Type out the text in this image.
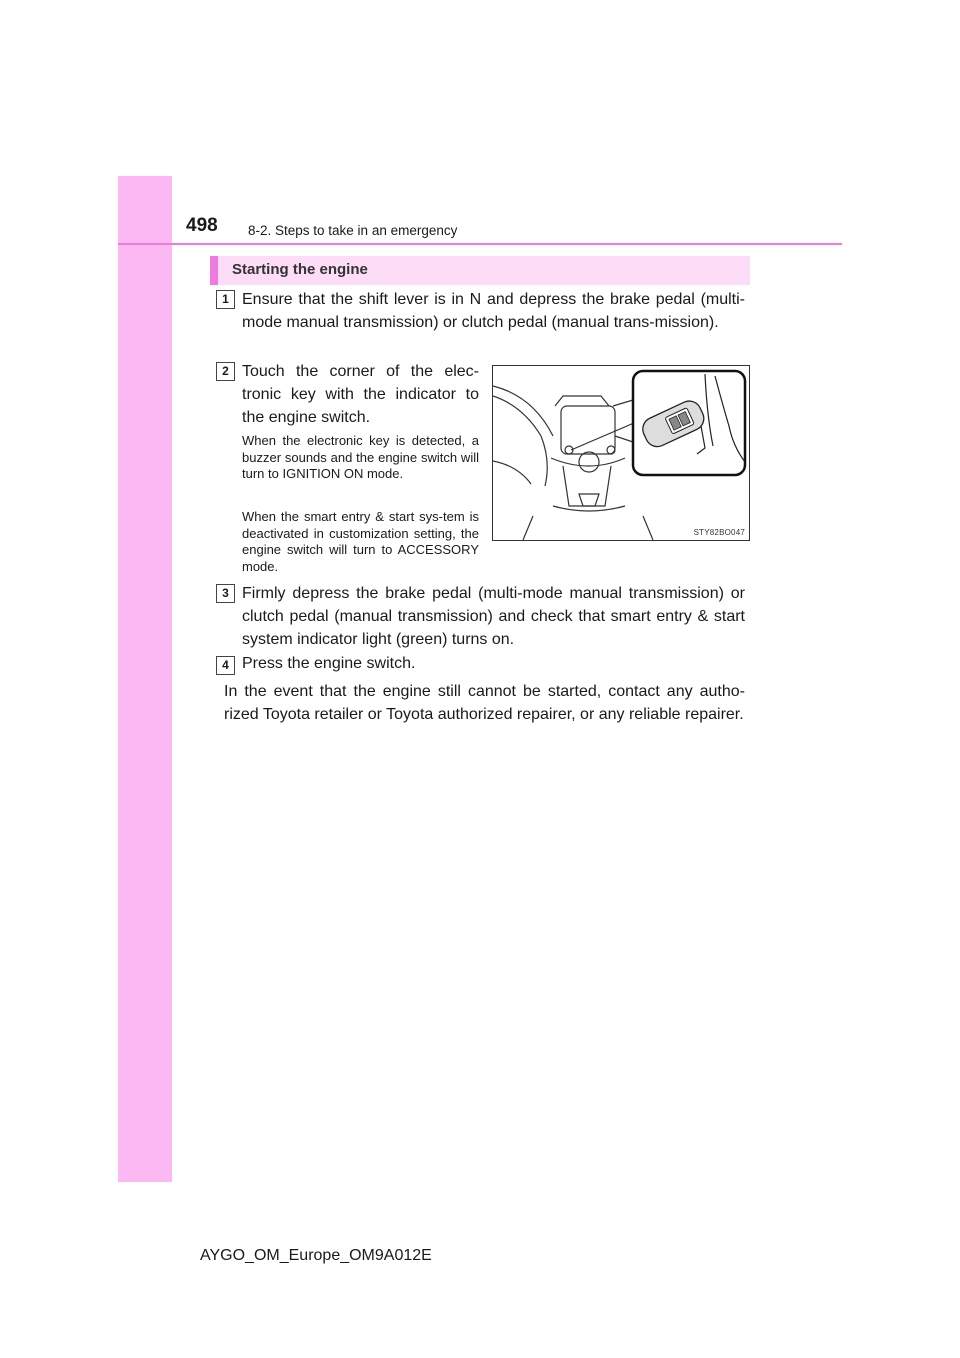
498 8-2. Steps to take in an emergency
Starting the engine
1 Ensure that the shift lever is in N and depress the brake pedal (multi-mode manual transmission) or clutch pedal (manual trans-mission).
2 Touch the corner of the elec-tronic key with the indicator to the engine switch.
When the electronic key is detected, a buzzer sounds and the engine switch will turn to IGNITION ON mode.
When the smart entry & start sys-tem is deactivated in customization setting, the engine switch will turn to ACCESSORY mode.
STY82BO047
3 Firmly depress the brake pedal (multi-mode manual transmission) or clutch pedal (manual transmission) and check that smart entry & start system indicator light (green) turns on.
4 Press the engine switch.
In the event that the engine still cannot be started, contact any autho-rized Toyota retailer or Toyota authorized repairer, or any reliable repairer.
AYGO_OM_Europe_OM9A012E
